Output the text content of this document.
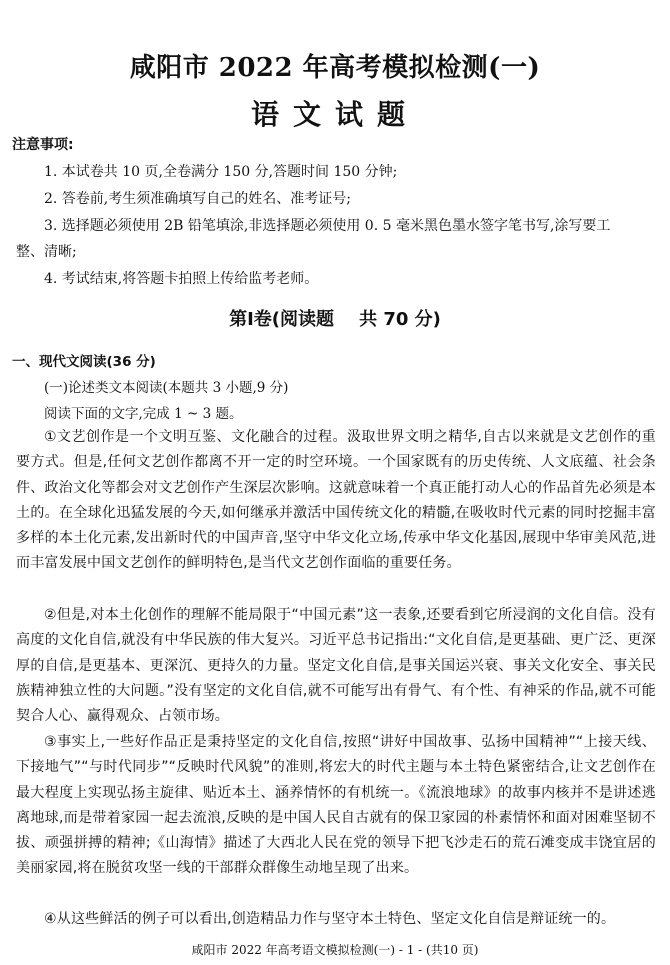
咸阳市 2022 年高考模拟检测(一)
语文试题
注意事项:
1. 本试卷共 10 页,全卷满分 150 分,答题时间 150 分钟;
2. 答卷前,考生须准确填写自己的姓名、准考证号;
3. 选择题必须使用 2B 铅笔填涂,非选择题必须使用 0. 5 毫米黑色墨水签字笔书写,涂写要工
整、清晰;
4. 考试结束,将答题卡拍照上传给监考老师。
第Ⅰ卷(阅读题    共 70 分)
一、现代文阅读(36 分)
(一)论述类文本阅读(本题共 3 小题,9 分)
阅读下面的文字,完成 1 ~ 3 题。

①文艺创作是一个文明互鉴、文化融合的过程。汲取世界文明之精华,自古以来就是文艺创作的重要方式。但是,任何文艺创作都离不开一定的时空环境。一个国家既有的历史传统、人文底蕴、社会条件、政治文化等都会对文艺创作产生深层次影响。这就意味着一个真正能打动人心的作品首先必须是本土的。在全球化迅猛发展的今天,如何继承并激活中国传统文化的精髓,在吸收时代元素的同时挖掘丰富多样的本土化元素,发出新时代的中国声音,坚守中华文化立场,传承中华文化基因,展现中华审美风范,进而丰富发展中国文艺创作的鲜明特色,是当代文艺创作面临的重要任务。

②但是,对本土化创作的理解不能局限于“中国元素”这一表象,还要看到它所浸润的文化自信。没有高度的文化自信,就没有中华民族的伟大复兴。习近平总书记指出:“文化自信,是更基础、更广泛、更深厚的自信,是更基本、更深沉、更持久的力量。坚定文化自信,是事关国运兴衰、事关文化安全、事关民族精神独立性的大问题。”没有坚定的文化自信,就不可能写出有骨气、有个性、有神采的作品,就不可能契合人心、赢得观众、占领市场。

③事实上,一些好作品正是秉持坚定的文化自信,按照“讲好中国故事、弘扬中国精神”“上接天线、下接地气”“与时代同步”“反映时代风貌”的准则,将宏大的时代主题与本土特色紧密结合,让文艺创作在最大程度上实现弘扬主旋律、贴近本土、涵养情怀的有机统一。《流浪地球》的故事内核并不是讲述逃离地球,而是带着家园一起去流浪,反映的是中国人民自古就有的保卫家园的朴素情怀和面对困难坚韧不拔、顽强拼搏的精神;《山海情》描述了大西北人民在党的领导下把飞沙走石的荒石滩变成丰饶宜居的美丽家园,将在脱贫攻坚一线的干部群众群像生动地呈现了出来。

④从这些鲜活的例子可以看出,创造精品力作与坚守本土特色、坚定文化自信是辩证统一的。

咸阳市 2022 年高考语文模拟检测(一) - 1 - (共10 页)
